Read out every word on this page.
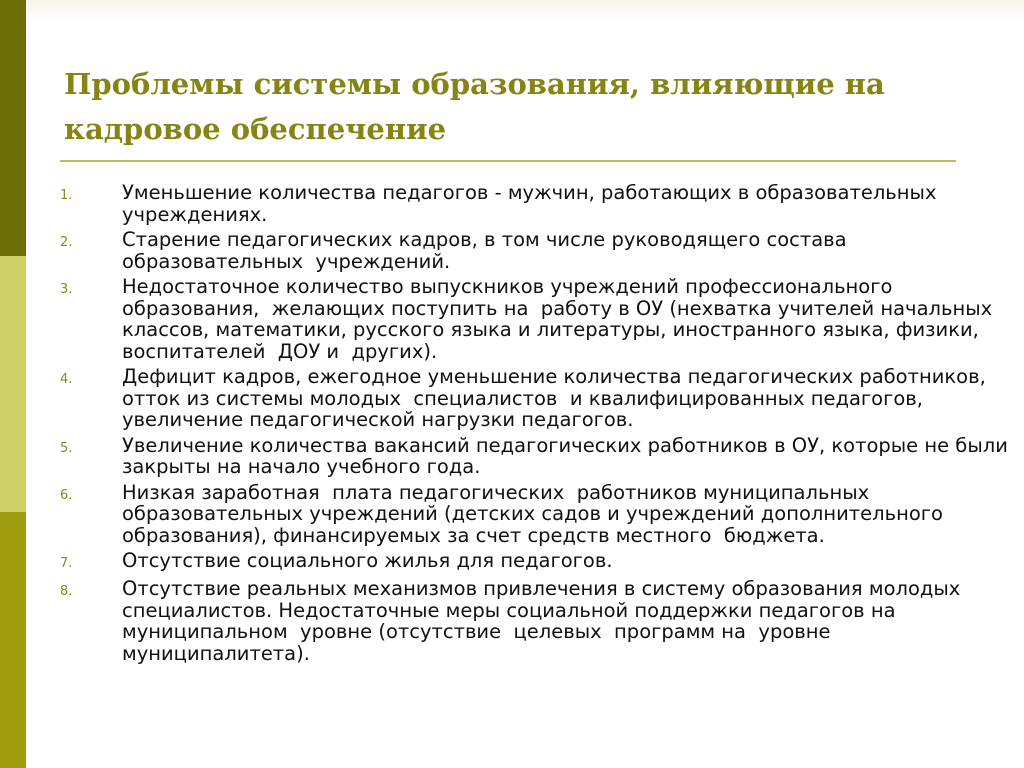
Проблемы системы образования, влияющие на кадровое обеспечение
1.	Уменьшение количества педагогов - мужчин, работающих в образовательных  учреждениях.
2.	Старение педагогических кадров, в том числе руководящего состава образовательных  учреждений.
3.	Недостаточное количество выпускников учреждений профессионального образования,  желающих поступить на  работу в ОУ (нехватка учителей начальных классов, математики, русского языка и литературы, иностранного языка, физики, воспитателей  ДОУ и  других).
4.	Дефицит кадров, ежегодное уменьшение количества педагогических работников, отток из системы молодых  специалистов  и квалифицированных педагогов, увеличение педагогической нагрузки педагогов.
5.	Увеличение количества вакансий педагогических работников в ОУ, которые не были закрыты на начало учебного года.
6.	Низкая заработная  плата педагогических  работников муниципальных образовательных учреждений (детских садов и учреждений дополнительного образования), финансируемых за счет средств местного  бюджета.
7.	Отсутствие социального жилья для педагогов.
8.	Отсутствие реальных механизмов привлечения в систему образования молодых специалистов. Недостаточные меры социальной поддержки педагогов на  муниципальном  уровне (отсутствие  целевых  программ на  уровне  муниципалитета).
